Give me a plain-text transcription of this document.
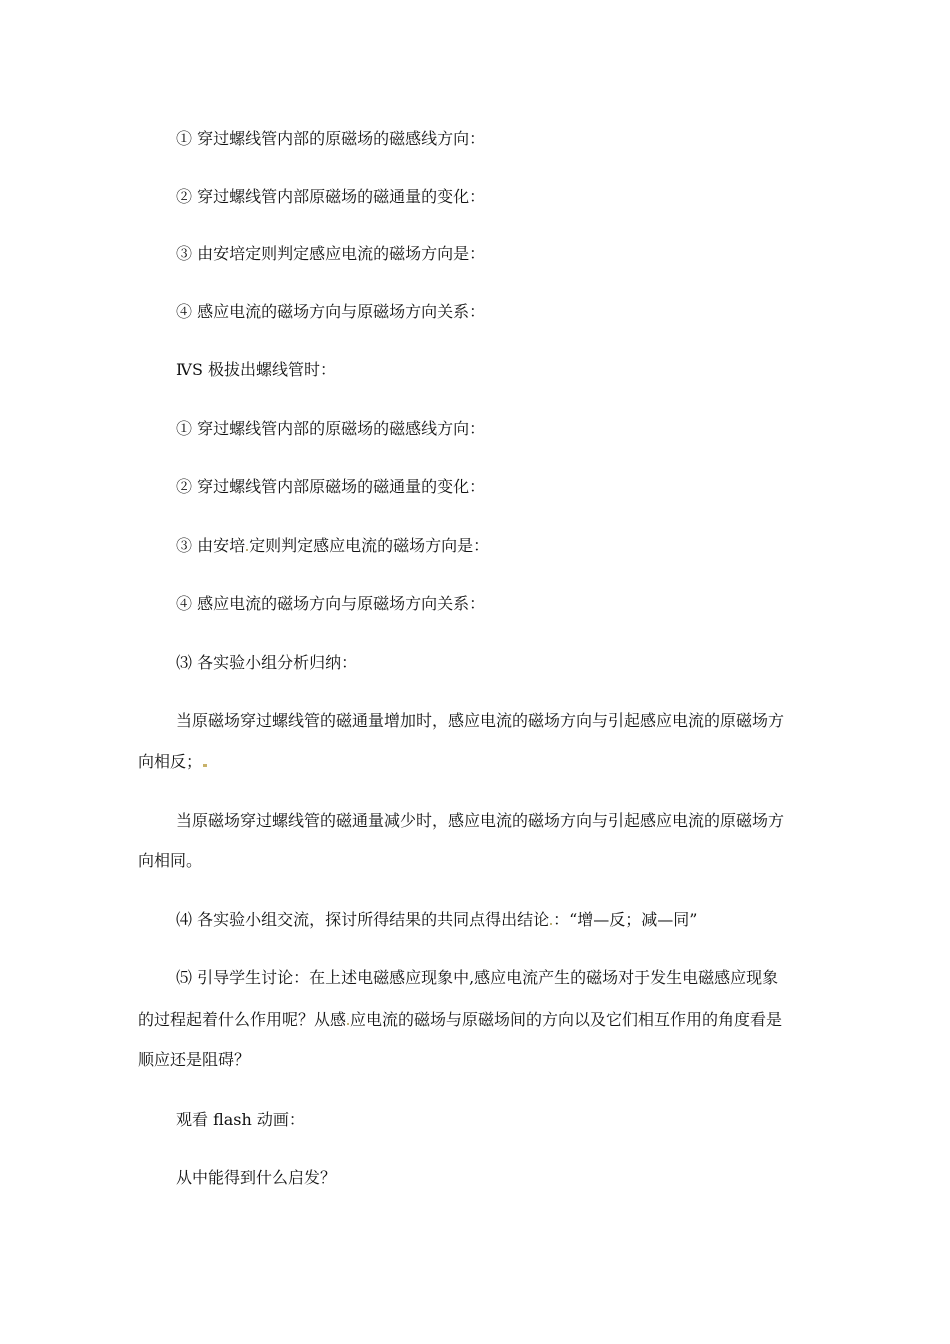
① 穿过螺线管内部的原磁场的磁感线方向：
② 穿过螺线管内部原磁场的磁通量的变化：
③ 由安培定则判定感应电流的磁场方向是：
④ 感应电流的磁场方向与原磁场方向关系：
ⅣS 极拔出螺线管时：
① 穿过螺线管内部的原磁场的磁感线方向：
② 穿过螺线管内部原磁场的磁通量的变化：
③ 由安培 定则判定感应电流的磁场方向是：
④ 感应电流的磁场方向与原磁场方向关系：
⑶ 各实验小组分析归纳：
当原磁场穿过螺线管的磁通量增加时，感应电流的磁场方向与引起感应电流的原磁场方
向相反；
当原磁场穿过螺线管的磁通量减少时，感应电流的磁场方向与引起感应电流的原磁场方
向相同。
⑷ 各实验小组交流，探讨所得结果的共同点得出结论 ：“增—反；减—同”
⑸ 引导学生讨论：在上述电磁感应现象中,感应电流产生的磁场对于发生电磁感应现象
的过程起着什么作用呢？从感 应电流的磁场与原磁场间的方向以及它们相互作用的角度看是
顺应还是阻碍？
观看 flash 动画：
从中能得到什么启发？
